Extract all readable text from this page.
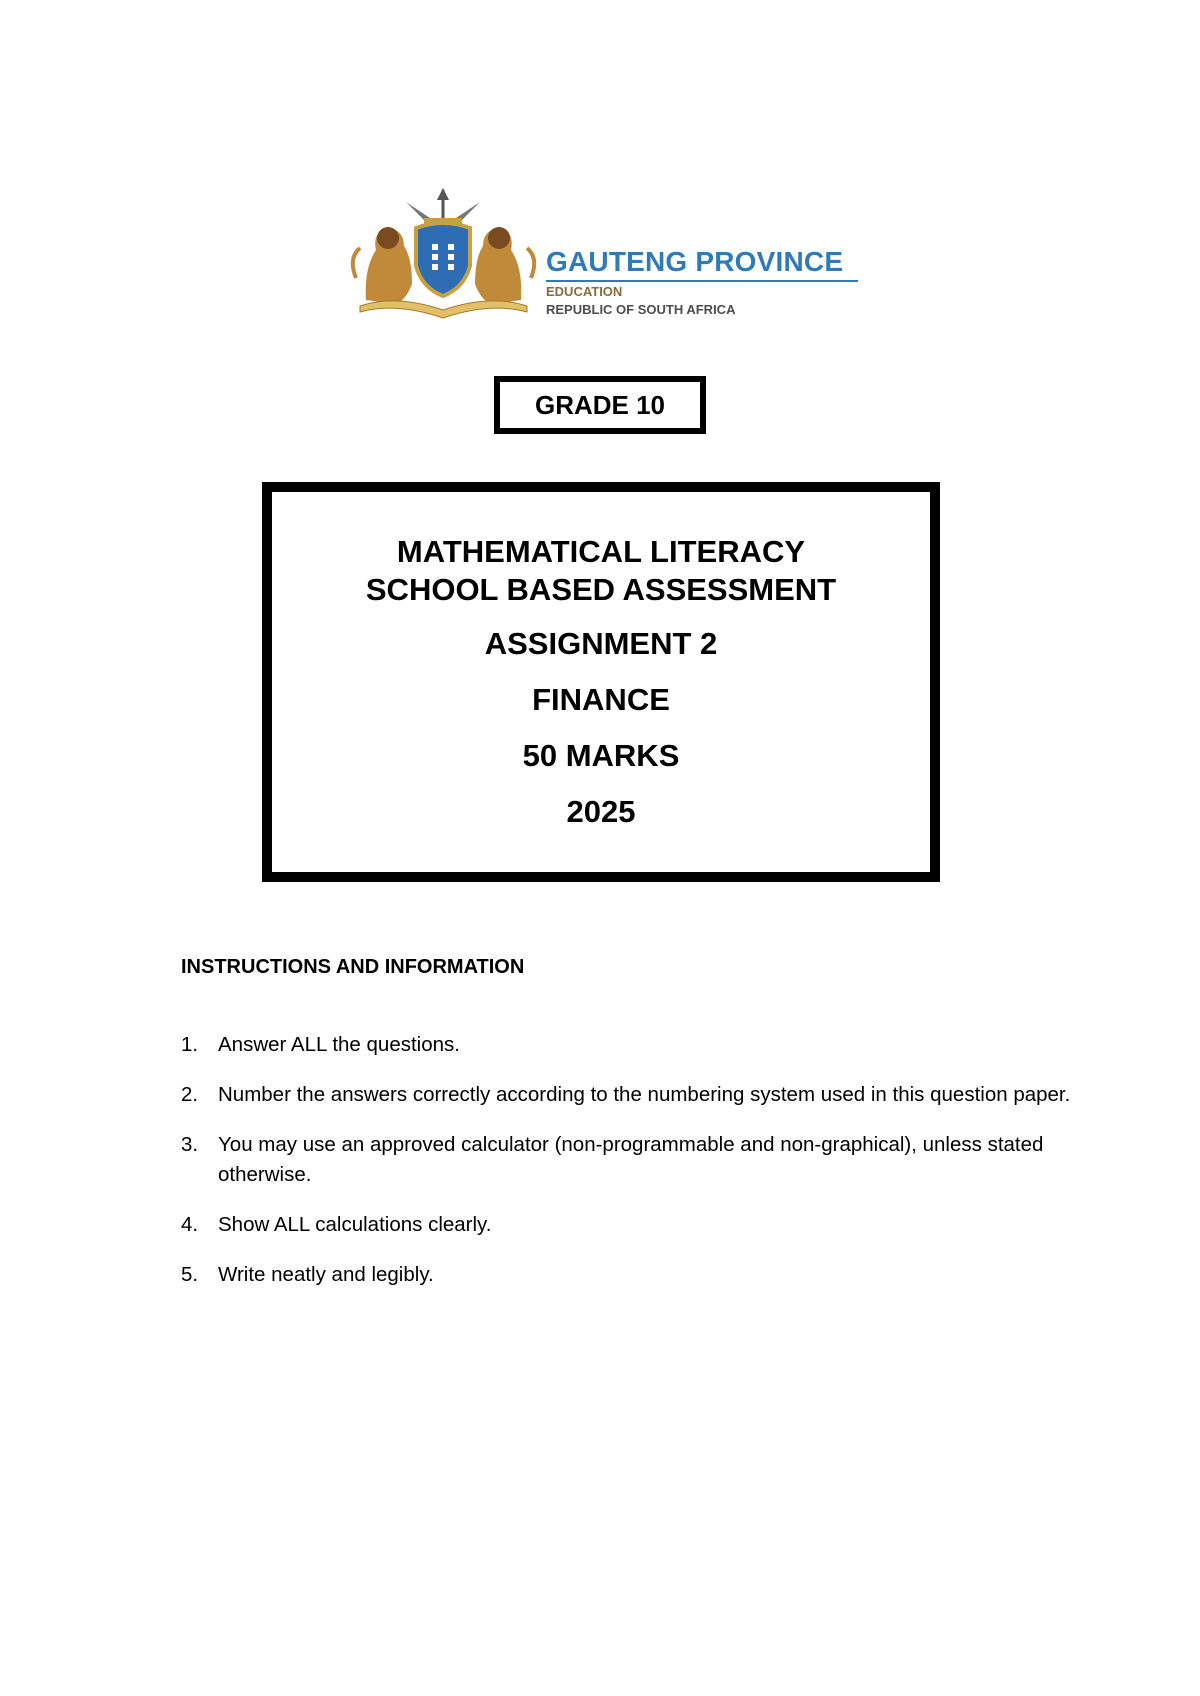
GAUTENG PROVINCE
EDUCATION
REPUBLIC OF SOUTH AFRICA
GRADE 10
MATHEMATICAL LITERACY
SCHOOL BASED ASSESSMENT
ASSIGNMENT 2
FINANCE
50 MARKS
2025
INSTRUCTIONS AND INFORMATION
1. Answer ALL the questions.
2. Number the answers correctly according to the numbering system used in this question paper.
3. You may use an approved calculator (non-programmable and non-graphical), unless stated otherwise.
4. Show ALL calculations clearly.
5. Write neatly and legibly.
